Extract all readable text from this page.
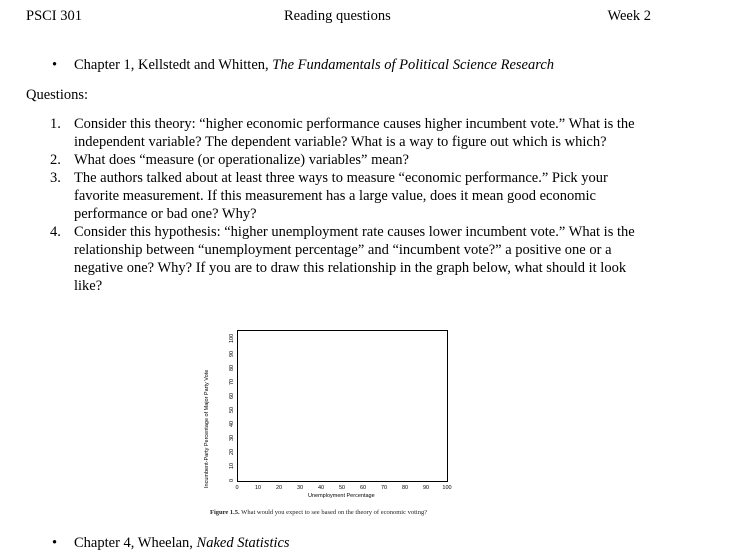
PSCI 301	Reading questions	Week 2
• Chapter 1, Kellstedt and Whitten, The Fundamentals of Political Science Research
Questions:
1. Consider this theory: “higher economic performance causes higher incumbent vote.” What is the independent variable? The dependent variable? What is a way to figure out which is which?
2. What does “measure (or operationalize) variables” mean?
3. The authors talked about at least three ways to measure “economic performance.” Pick your favorite measurement. If this measurement has a large value, does it mean good economic performance or bad one? Why?
4. Consider this hypothesis: “higher unemployment rate causes lower incumbent vote.” What is the relationship between “unemployment percentage” and “incumbent vote?” a positive one or a negative one? Why? If you are to draw this relationship in the graph below, what should it look like?
Incumbent-Party Percentage of Major Party Vote	0
10
20
30
40
50
60
70
80
90
100
0	10	20	30	40	50	60	70	80	90 100
Unemployment Percentage
Figure 1.5. What would you expect to see based on the theory of economic voting?
• Chapter 4, Wheelan, Naked Statistics
